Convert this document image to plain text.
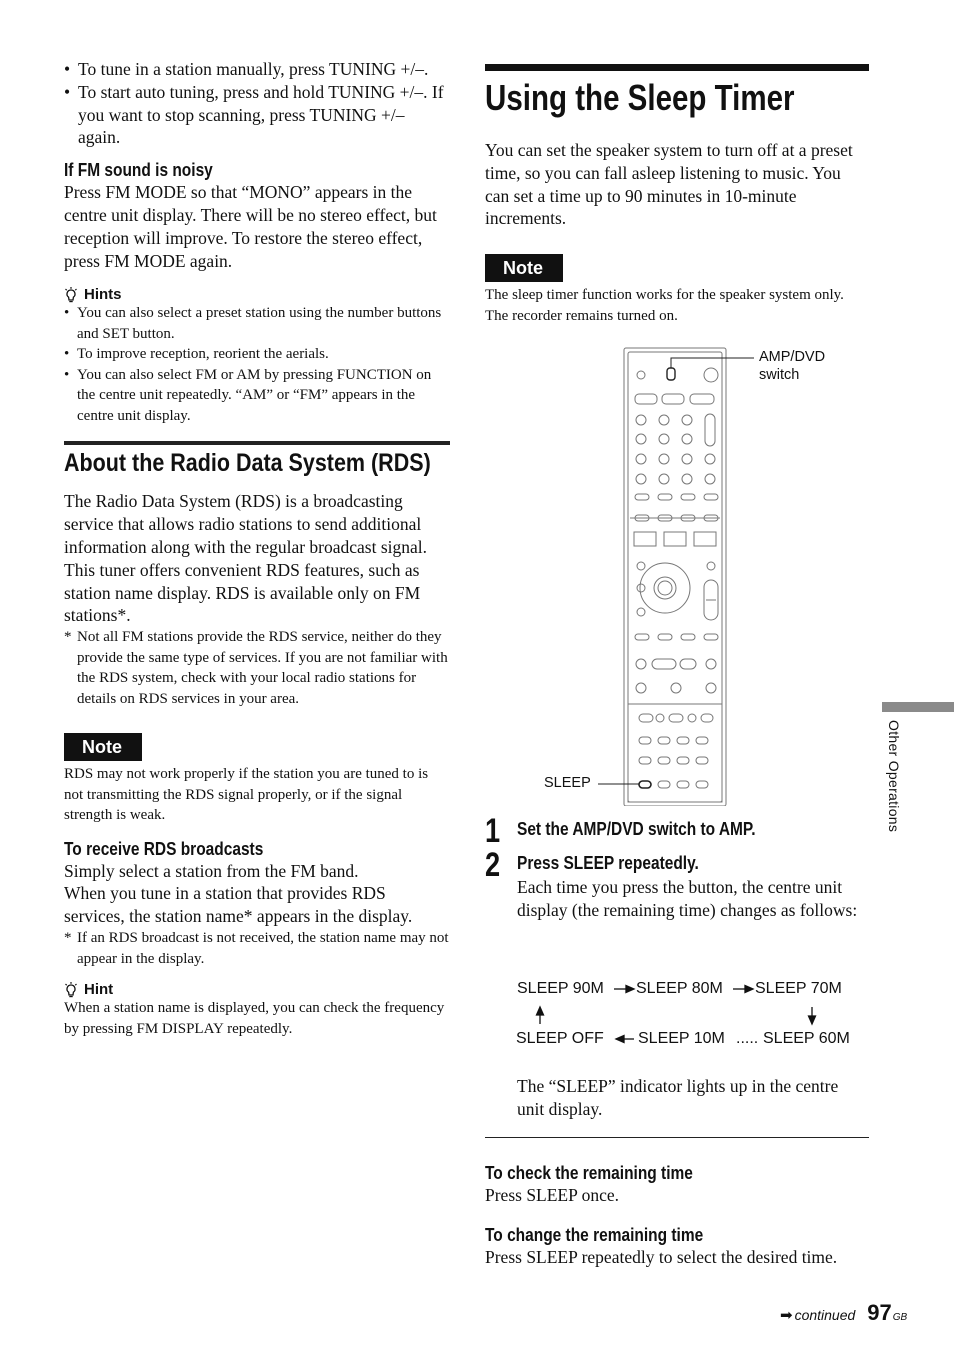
• To tune in a station manually, press TUNING +/–.
• To start auto tuning, press and hold TUNING +/–. If you want to stop scanning, press TUNING +/– again.
If FM sound is noisy

Press FM MODE so that “MONO” appears in the centre unit display. There will be no stereo effect, but reception will improve. To restore the stereo effect, press FM MODE again.

Hints
• You can also select a preset station using the number buttons and SET button.
• To improve reception, reorient the aerials.
• You can also select FM or AM by pressing FUNCTION on the centre unit repeatedly. “AM” or “FM” appears in the centre unit display.
About the Radio Data System (RDS)

The Radio Data System (RDS) is a broadcasting service that allows radio stations to send additional information along with the regular broadcast signal. This tuner offers convenient RDS features, such as station name display. RDS is available only on FM stations*.

* Not all FM stations provide the RDS service, neither do they provide the same type of services. If you are not familiar with the RDS system, check with your local radio stations for details on RDS services in your area.
Note

RDS may not work properly if the station you are tuned to is not transmitting the RDS signal properly, or if the signal strength is weak.

To receive RDS broadcasts

Simply select a station from the FM band.

When you tune in a station that provides RDS services, the station name* appears in the display.

* If an RDS broadcast is not received, the station name may not appear in the display.
Hint

When a station name is displayed, you can check the frequency by pressing FM DISPLAY repeatedly.

Using the Sleep Timer

You can set the speaker system to turn off at a preset time, so you can fall asleep listening to music. You can set a time up to 90 minutes in 10-minute increments.

Note

The sleep timer function works for the speaker system only. The recorder remains turned on.

AMP/DVD
switch
SLEEP
1 Set the AMP/DVD switch to AMP.
2 Press SLEEP repeatedly.

Each time you press the button, the centre unit display (the remaining time) changes as follows:

SLEEP 90M SLEEP 80M SLEEP 70M
SLEEP OFF SLEEP 10M ..... SLEEP 60M

The “SLEEP” indicator lights up in the centre unit display.

To check the remaining time

Press SLEEP once.

To change the remaining time

Press SLEEP repeatedly to select the desired time.

Other Operations
➡ continued 97 GB
